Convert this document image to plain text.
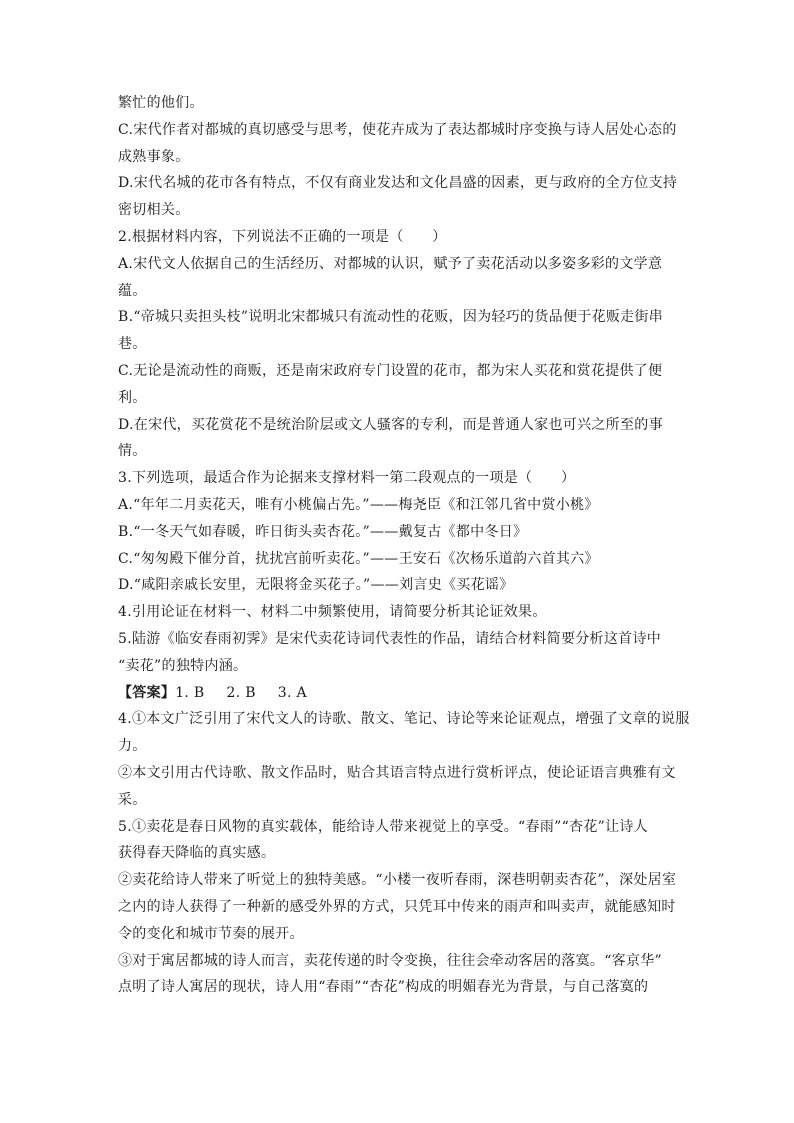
繁忙的他们。
C.宋代作者对都城的真切感受与思考，使花卉成为了表达都城时序变换与诗人居处心态的
成熟事象。
D.宋代名城的花市各有特点，不仅有商业发达和文化昌盛的因素，更与政府的全方位支持
密切相关。
2.根据材料内容，下列说法不正确的一项是（　　）
A.宋代文人依据自己的生活经历、对都城的认识，赋予了卖花活动以多姿多彩的文学意
蕴。
B.“帝城只卖担头枝”说明北宋都城只有流动性的花贩，因为轻巧的货品便于花贩走街串
巷。
C.无论是流动性的商贩，还是南宋政府专门设置的花市，都为宋人买花和赏花提供了便
利。
D.在宋代，买花赏花不是统治阶层或文人骚客的专利，而是普通人家也可兴之所至的事
情。
3.下列选项，最适合作为论据来支撑材料一第二段观点的一项是（　　）
A.“年年二月卖花天，唯有小桃偏占先。”——梅尧臣《和江邻几省中赏小桃》
B.“一冬天气如春暖，昨日街头卖杏花。”——戴复古《都中冬日》
C.“匆匆殿下催分首，扰扰宫前听卖花。”——王安石《次杨乐道韵六首其六》
D.“咸阳亲戚长安里，无限将金买花子。”——刘言史《买花谣》
4.引用论证在材料一、材料二中频繁使用，请简要分析其论证效果。
5.陆游《临安春雨初霁》是宋代卖花诗词代表性的作品，请结合材料简要分析这首诗中
“卖花”的独特内涵。
【答案】1. B 2. B 3. A
4.①本文广泛引用了宋代文人的诗歌、散文、笔记、诗论等来论证观点，增强了文章的说服
力。
②本文引用古代诗歌、散文作品时，贴合其语言特点进行赏析评点，使论证语言典雅有文
采。
5.①卖花是春日风物的真实载体，能给诗人带来视觉上的享受。“春雨”“杏花”让诗人
获得春天降临的真实感。
②卖花给诗人带来了听觉上的独特美感。“小楼一夜听春雨，深巷明朝卖杏花”，深处居室
之内的诗人获得了一种新的感受外界的方式，只凭耳中传来的雨声和叫卖声，就能感知时
令的变化和城市节奏的展开。
③对于寓居都城的诗人而言，卖花传递的时令变换，往往会牵动客居的落寞。“客京华”
点明了诗人寓居的现状，诗人用“春雨”“杏花”构成的明媚春光为背景，与自己落寞的
